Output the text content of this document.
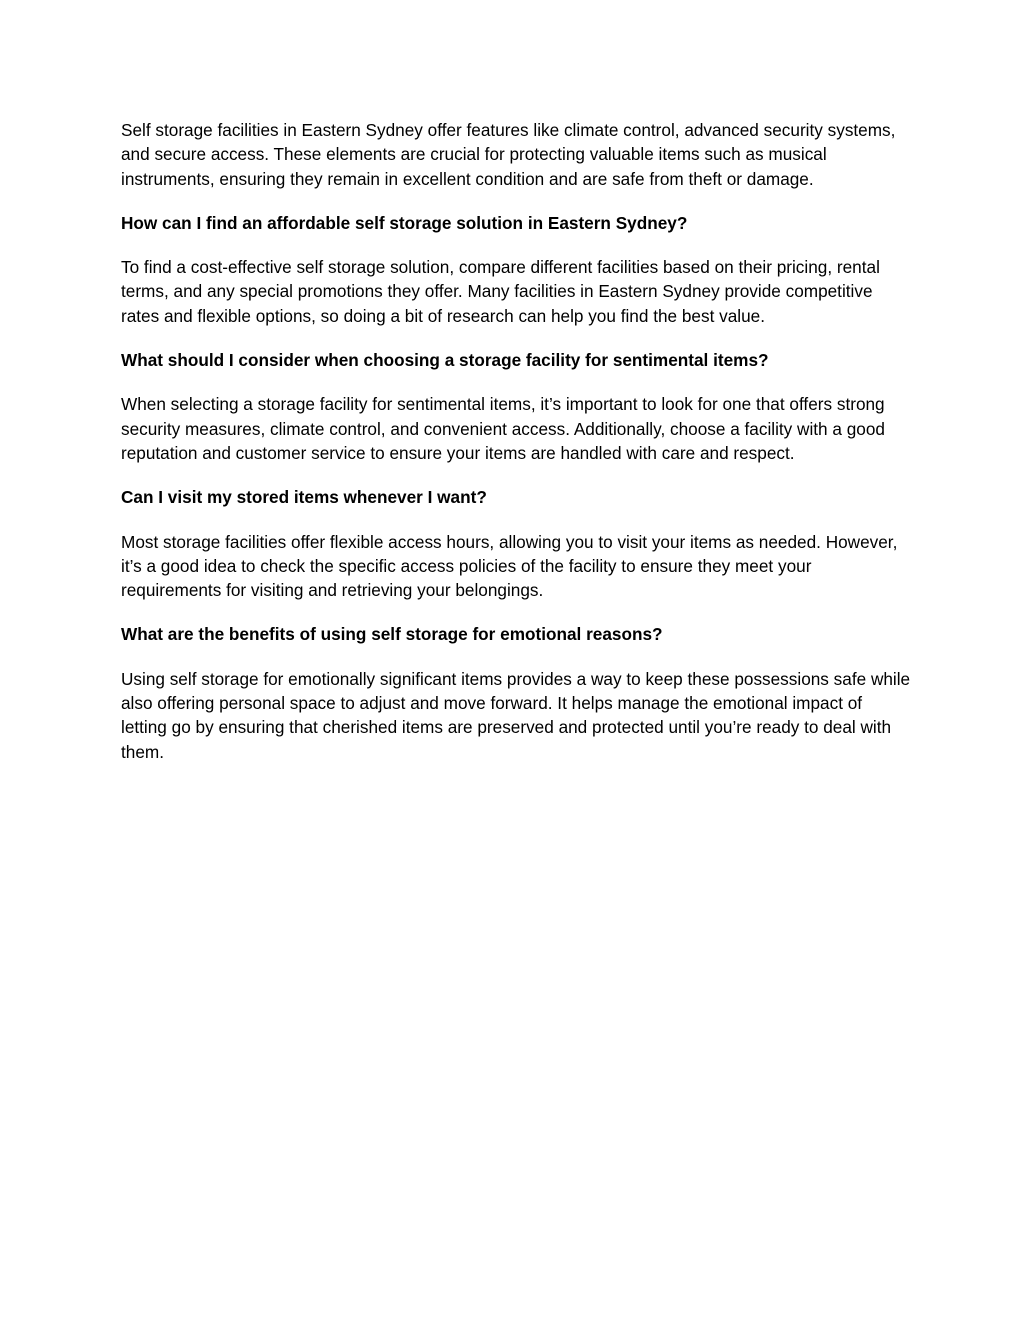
Self storage facilities in Eastern Sydney offer features like climate control, advanced security systems, and secure access. These elements are crucial for protecting valuable items such as musical instruments, ensuring they remain in excellent condition and are safe from theft or damage.

How can I find an affordable self storage solution in Eastern Sydney?

To find a cost-effective self storage solution, compare different facilities based on their pricing, rental terms, and any special promotions they offer. Many facilities in Eastern Sydney provide competitive rates and flexible options, so doing a bit of research can help you find the best value.

What should I consider when choosing a storage facility for sentimental items?

When selecting a storage facility for sentimental items, it’s important to look for one that offers strong security measures, climate control, and convenient access. Additionally, choose a facility with a good reputation and customer service to ensure your items are handled with care and respect.

Can I visit my stored items whenever I want?

Most storage facilities offer flexible access hours, allowing you to visit your items as needed. However, it’s a good idea to check the specific access policies of the facility to ensure they meet your requirements for visiting and retrieving your belongings.

What are the benefits of using self storage for emotional reasons?

Using self storage for emotionally significant items provides a way to keep these possessions safe while also offering personal space to adjust and move forward. It helps manage the emotional impact of letting go by ensuring that cherished items are preserved and protected until you’re ready to deal with them.
